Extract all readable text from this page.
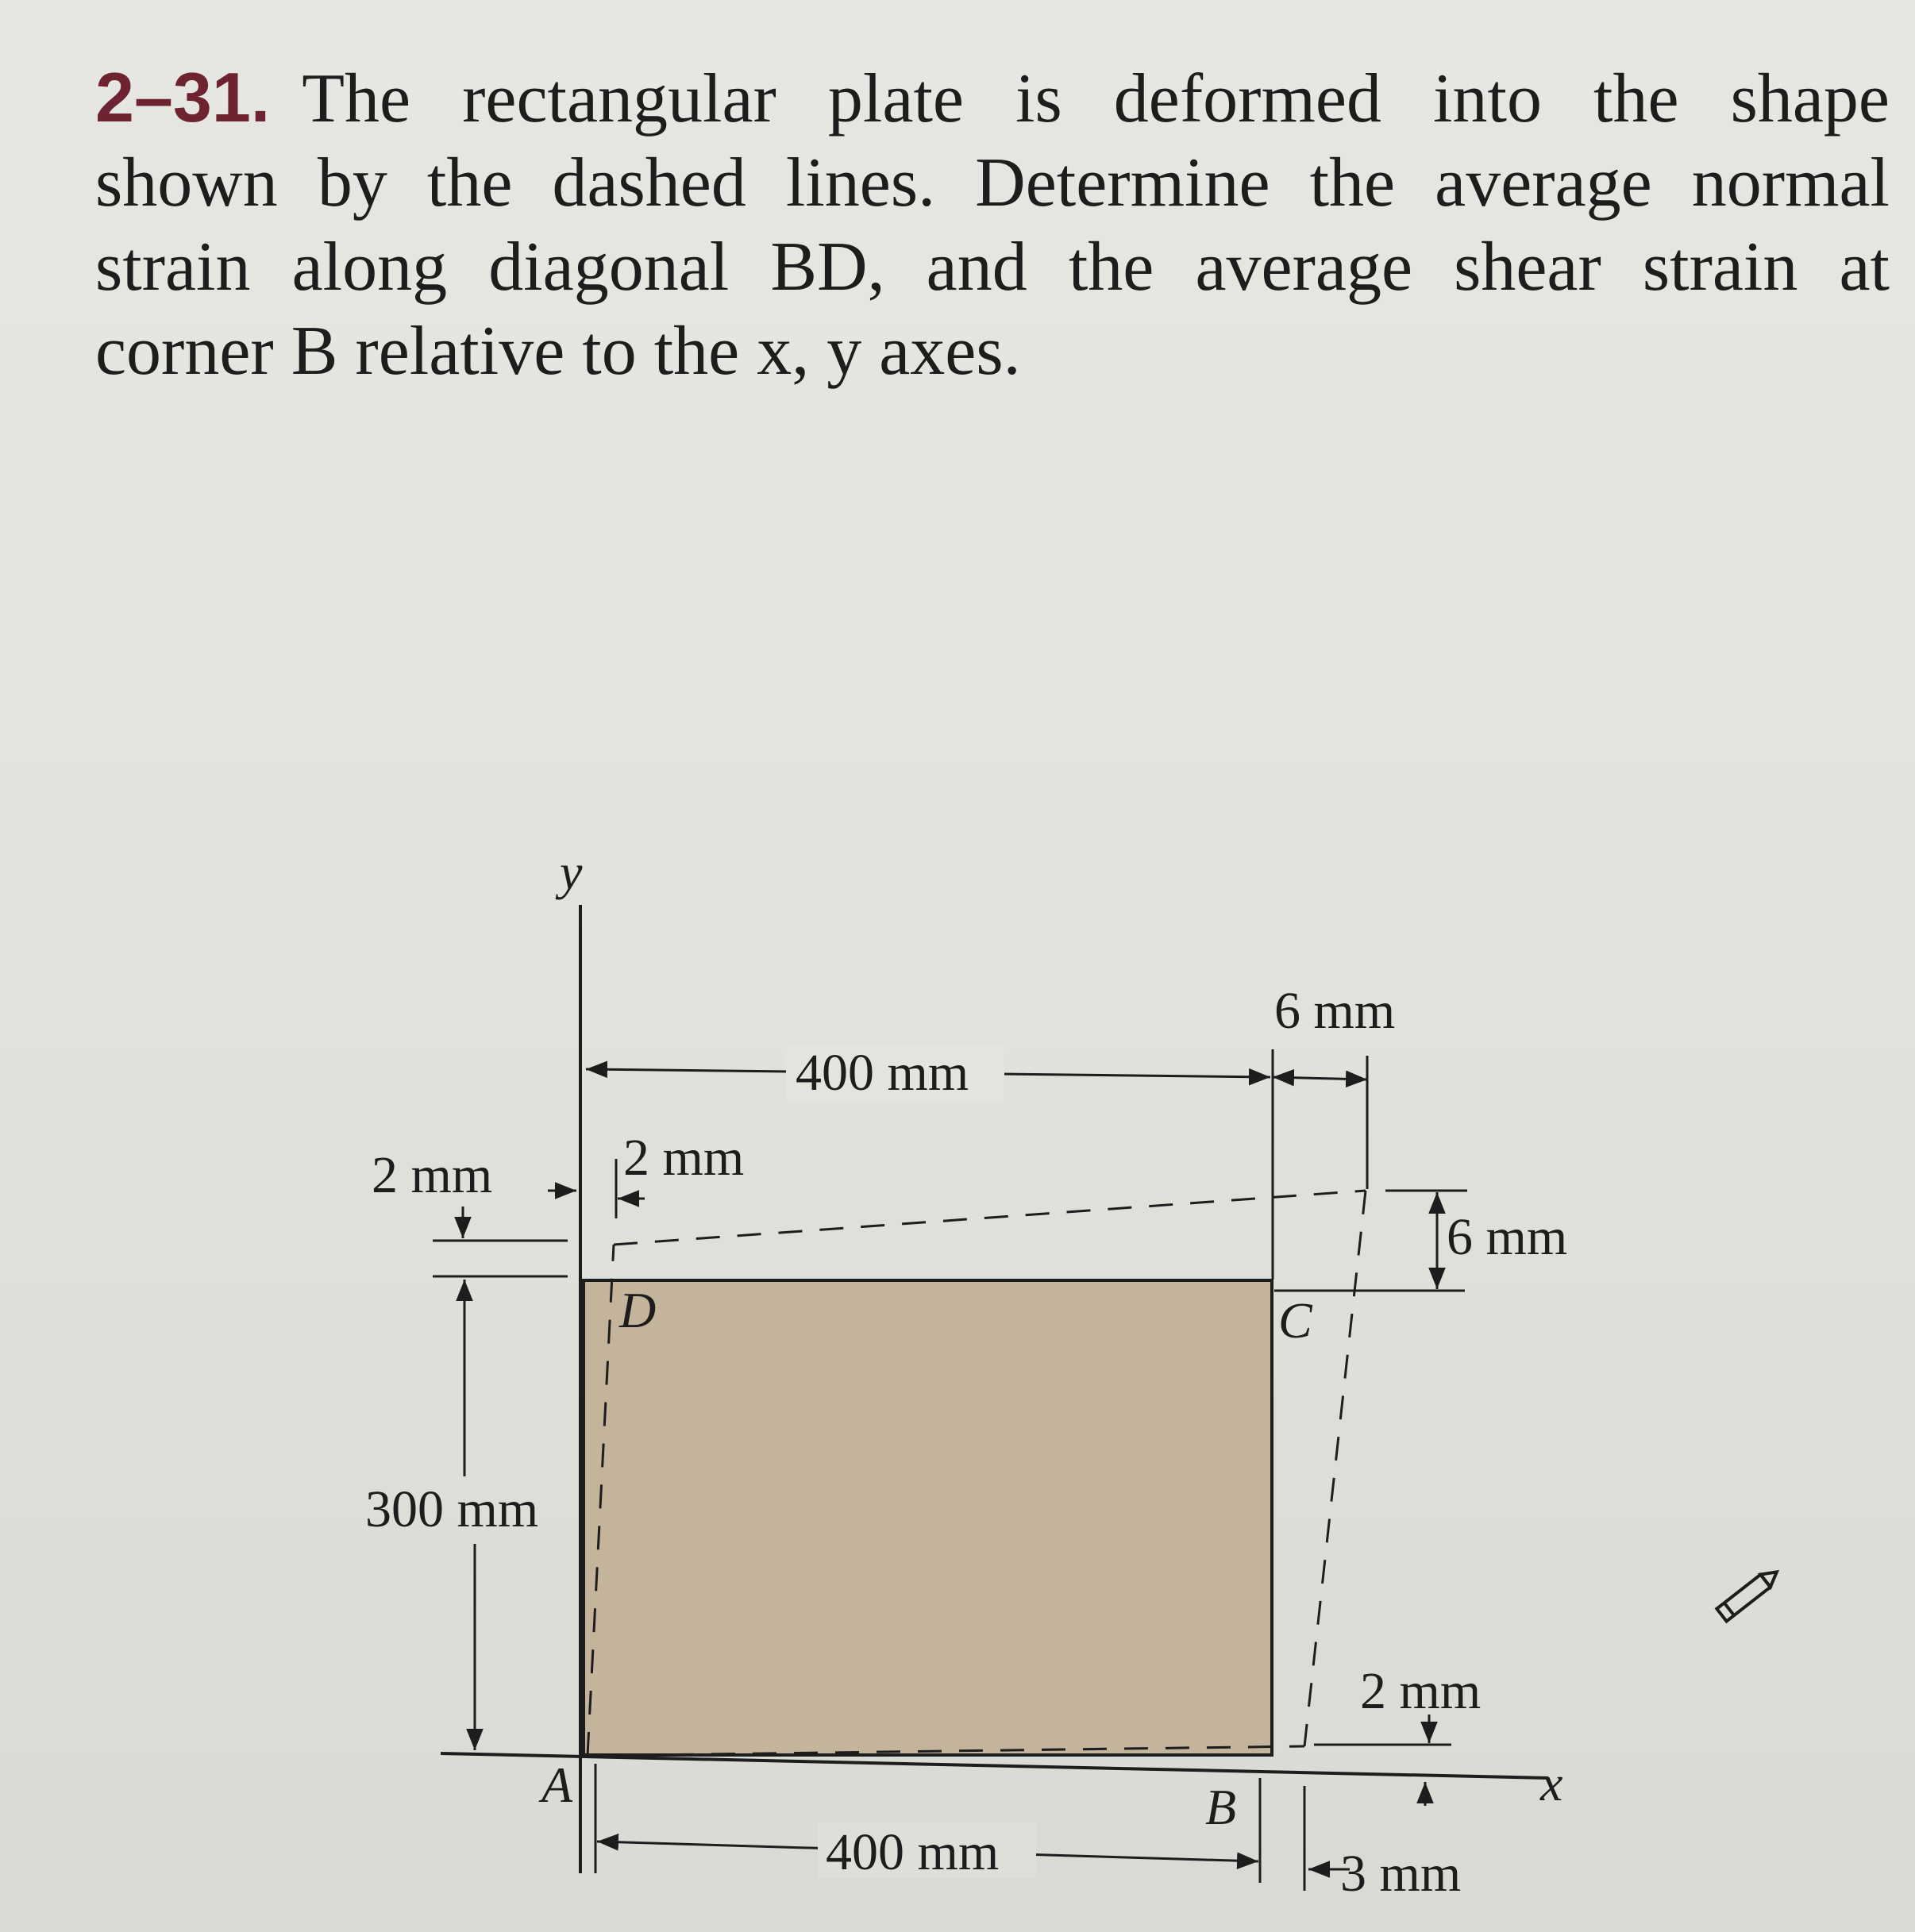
2–31. The rectangular plate is deformed into the shape
shown by the dashed lines. Determine the average normal
strain along diagonal BD, and the average shear strain at
corner B relative to the x, y axes.
y
x
400 mm
6 mm
6 mm
2 mm 2 mm
300 mm
400 mm
2 mm
3 mm
A	B
C
D
